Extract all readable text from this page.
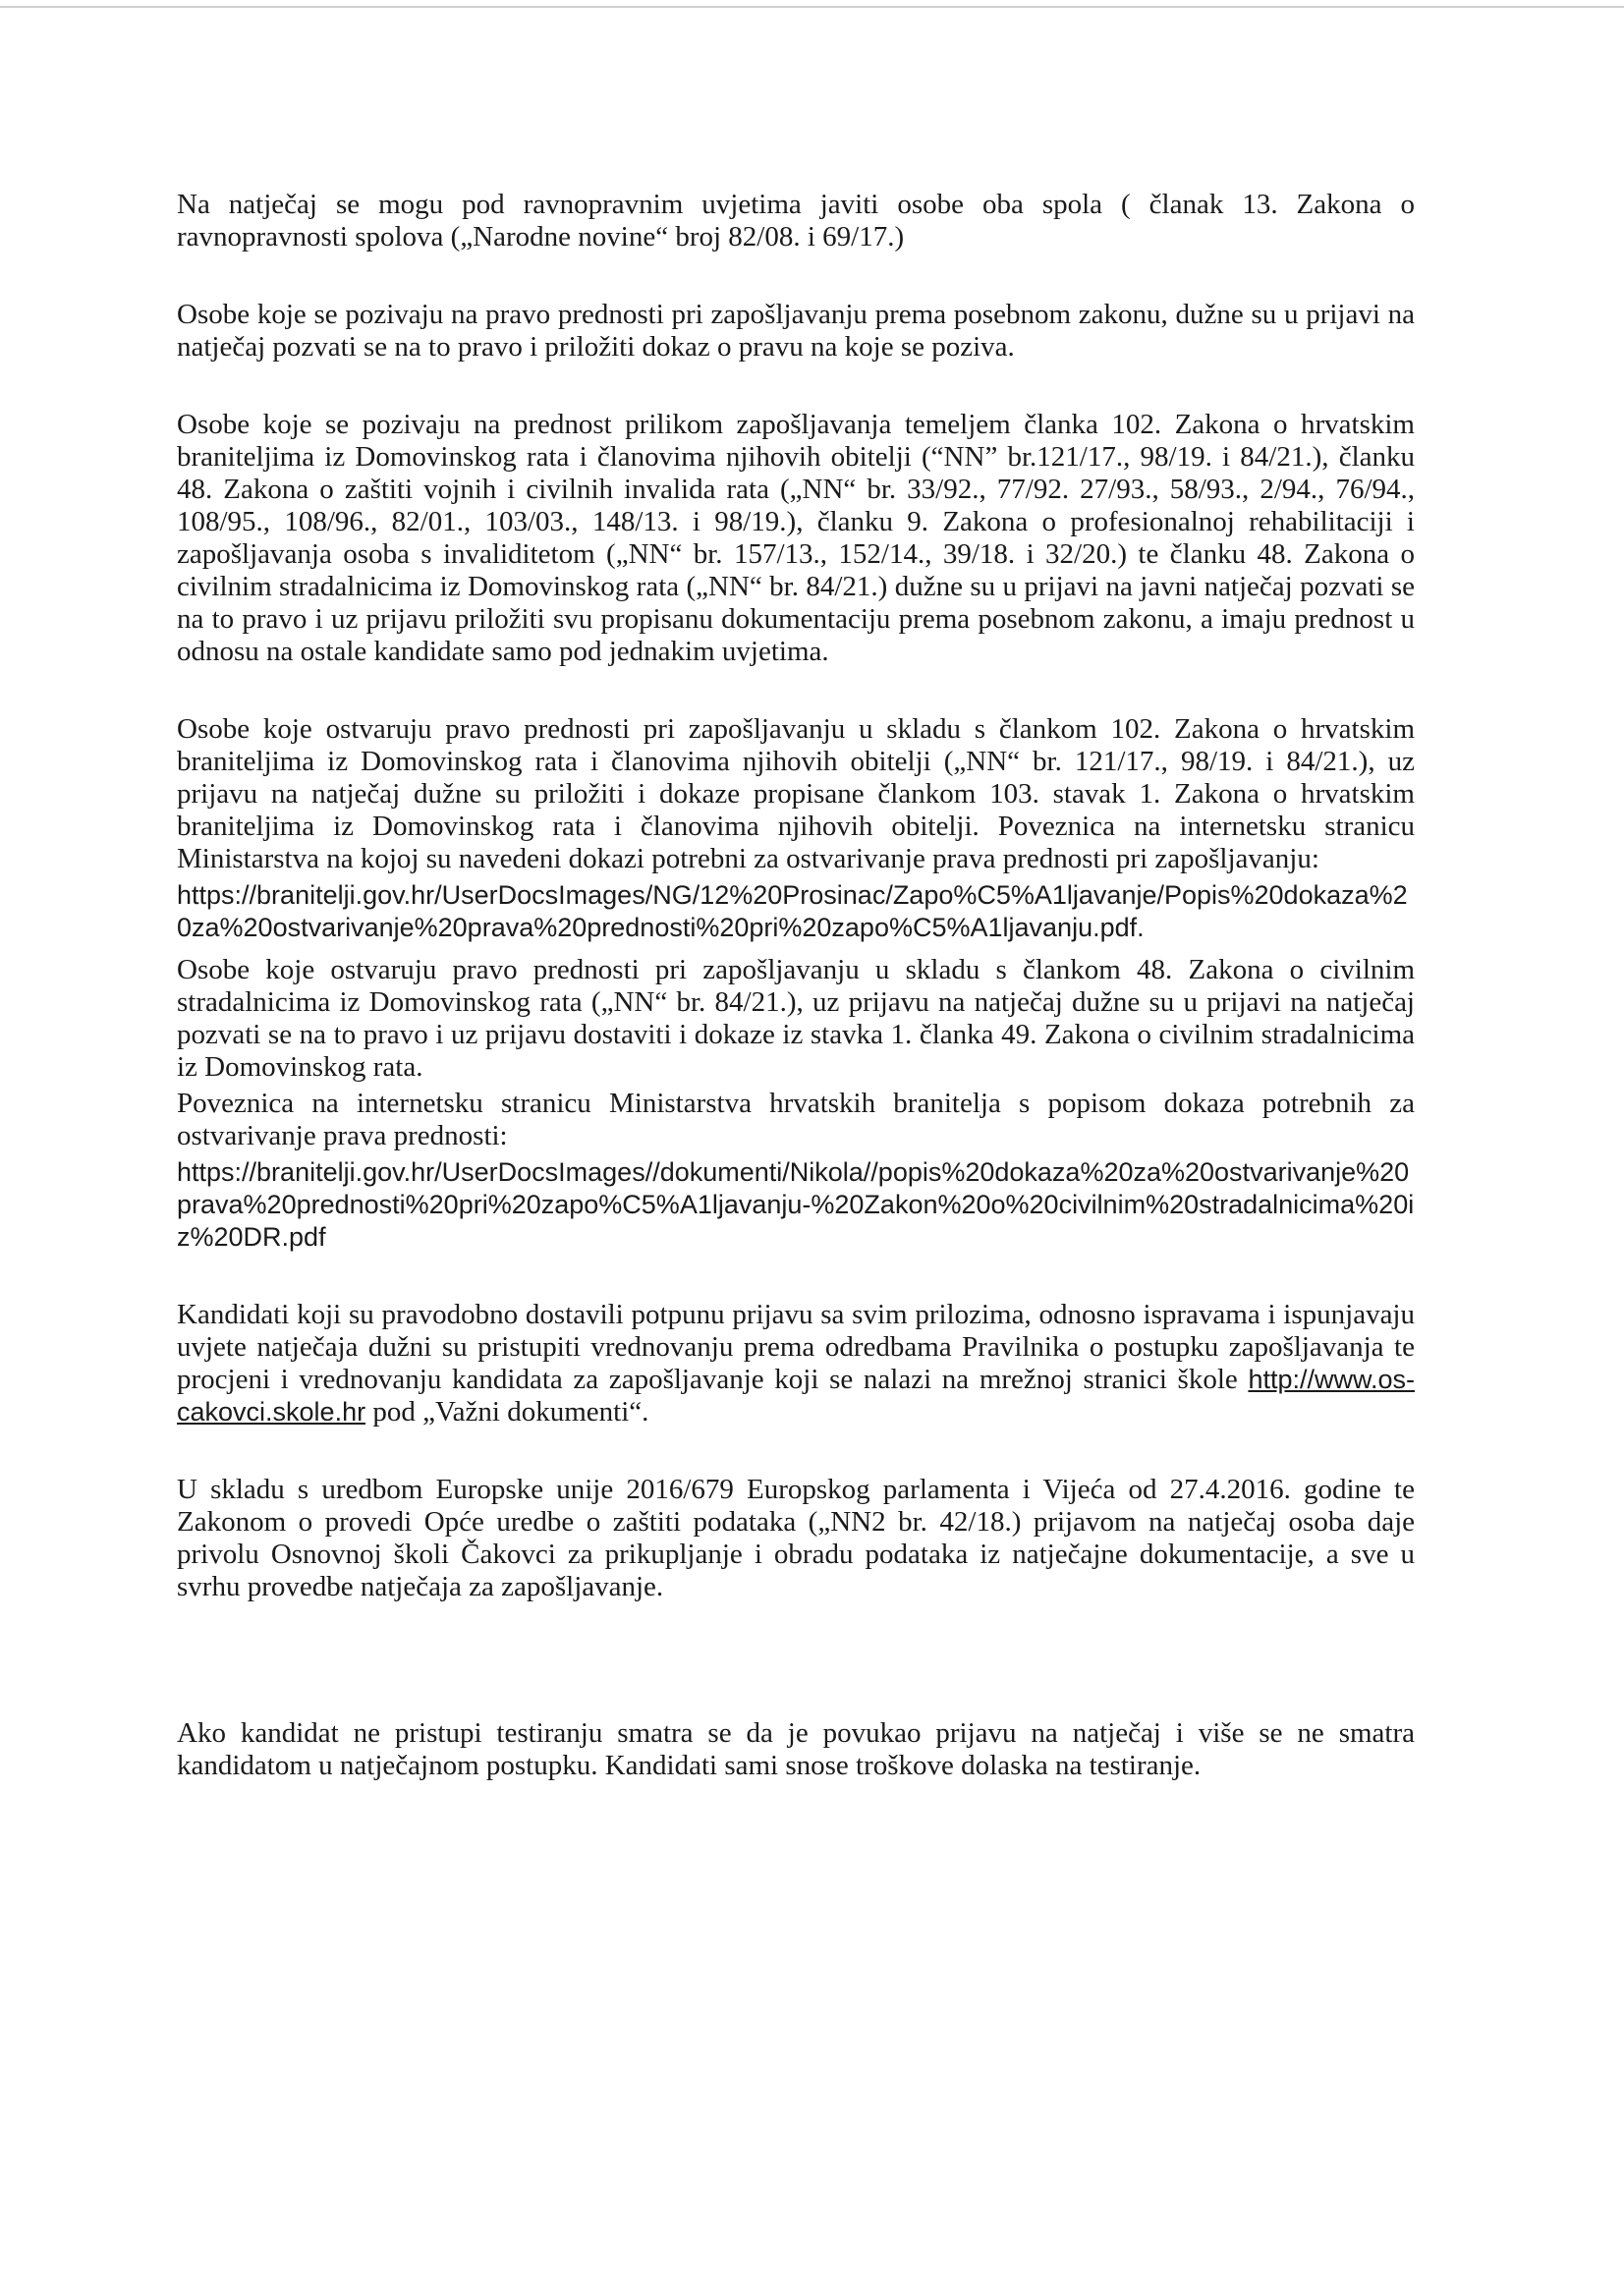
Na natječaj se mogu pod ravnopravnim uvjetima javiti osobe oba spola ( članak 13. Zakona o ravnopravnosti spolova („Narodne novine“ broj 82/08. i 69/17.)

Osobe koje se pozivaju na pravo prednosti pri zapošljavanju prema posebnom zakonu, dužne su u prijavi na natječaj pozvati se na to pravo i priložiti dokaz o pravu na koje se poziva.

Osobe koje se pozivaju na prednost prilikom zapošljavanja temeljem članka 102. Zakona o hrvatskim braniteljima iz Domovinskog rata i članovima njihovih obitelji (“NN” br.121/17., 98/19. i 84/21.), članku 48. Zakona o zaštiti vojnih i civilnih invalida rata („NN“ br. 33/92., 77/92. 27/93., 58/93., 2/94., 76/94., 108/95., 108/96., 82/01., 103/03., 148/13. i 98/19.), članku 9. Zakona o profesionalnoj rehabilitaciji i zapošljavanja osoba s invaliditetom („NN“ br. 157/13., 152/14., 39/18. i 32/20.) te članku 48. Zakona o civilnim stradalnicima iz Domovinskog rata („NN“ br. 84/21.) dužne su u prijavi na javni natječaj pozvati se na to pravo i uz prijavu priložiti svu propisanu dokumentaciju prema posebnom zakonu, a imaju prednost u odnosu na ostale kandidate samo pod jednakim uvjetima.

Osobe koje ostvaruju pravo prednosti pri zapošljavanju u skladu s člankom 102. Zakona o hrvatskim braniteljima iz Domovinskog rata i članovima njihovih obitelji („NN“ br. 121/17., 98/19. i 84/21.), uz prijavu na natječaj dužne su priložiti i dokaze propisane člankom 103. stavak 1. Zakona o hrvatskim braniteljima iz Domovinskog rata i članovima njihovih obitelji. Poveznica na internetsku stranicu Ministarstva na kojoj su navedeni dokazi potrebni za ostvarivanje prava prednosti pri zapošljavanju:

https://branitelji.gov.hr/UserDocsImages/NG/12%20Prosinac/Zapo%C5%A1ljavanje/Popis%20dokaza%20za%20ostvarivanje%20prava%20prednosti%20pri%20zapo%C5%A1ljavanju.pdf.

Osobe koje ostvaruju pravo prednosti pri zapošljavanju u skladu s člankom 48. Zakona o civilnim stradalnicima iz Domovinskog rata („NN“ br. 84/21.), uz prijavu na natječaj dužne su u prijavi na natječaj pozvati se na to pravo i uz prijavu dostaviti i dokaze iz stavka 1. članka 49. Zakona o civilnim stradalnicima iz Domovinskog rata.

Poveznica na internetsku stranicu Ministarstva hrvatskih branitelja s popisom dokaza potrebnih za ostvarivanje prava prednosti:

https://branitelji.gov.hr/UserDocsImages//dokumenti/Nikola//popis%20dokaza%20za%20ostvarivanje%20prava%20prednosti%20pri%20zapo%C5%A1ljavanju-%20Zakon%20o%20civilnim%20stradalnicima%20iz%20DR.pdf

Kandidati koji su pravodobno dostavili potpunu prijavu sa svim prilozima, odnosno ispravama i ispunjavaju uvjete natječaja dužni su pristupiti vrednovanju prema odredbama Pravilnika o postupku zapošljavanja te procjeni i vrednovanju kandidata za zapošljavanje koji se nalazi na mrežnoj stranici škole http://www.os-cakovci.skole.hr pod „Važni dokumenti“.

U skladu s uredbom Europske unije 2016/679 Europskog parlamenta i Vijeća od 27.4.2016. godine te Zakonom o provedi Opće uredbe o zaštiti podataka („NN2 br. 42/18.) prijavom na natječaj osoba daje privolu Osnovnoj školi Čakovci za prikupljanje i obradu podataka iz natječajne dokumentacije, a sve u svrhu provedbe natječaja za zapošljavanje.

Ako kandidat ne pristupi testiranju smatra se da je povukao prijavu na natječaj i više se ne smatra kandidatom u natječajnom postupku. Kandidati sami snose troškove dolaska na testiranje.
